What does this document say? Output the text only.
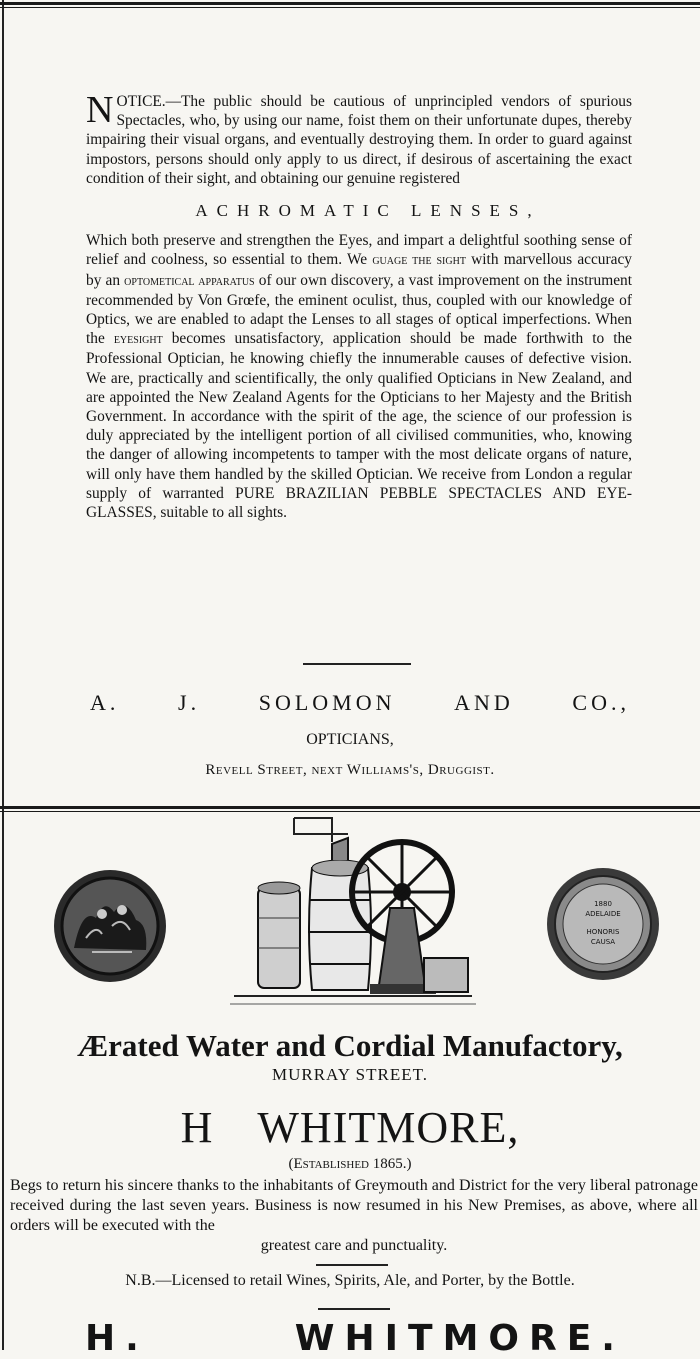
NOTICE.—The public should be cautious of unprincipled vendors of spurious Spectacles, who, by using our name, foist them on their unfortunate dupes, thereby impairing their visual organs, and eventually destroying them. In order to guard against impostors, persons should only apply to us direct, if desirous of ascertaining the exact condition of their sight, and obtaining our genuine registered

ACHROMATIC LENSES,

Which both preserve and strengthen the Eyes, and impart a delightful soothing sense of relief and coolness, so essential to them. We guage the sight with marvellous accuracy by an optometical apparatus of our own discovery, a vast improvement on the instrument recommended by Von Grœfe, the eminent oculist, thus, coupled with our knowledge of Optics, we are enabled to adapt the Lenses to all stages of optical imperfections. When the eyesight becomes unsatisfactory, application should be made forthwith to the Professional Optician, he knowing chiefly the innumerable causes of defective vision. We are, practically and scientifically, the only qualified Opticians in New Zealand, and are appointed the New Zealand Agents for the Opticians to her Majesty and the British Government. In accordance with the spirit of the age, the science of our profession is duly appreciated by the intelligent portion of all civilised communities, who, knowing the danger of allowing incompetents to tamper with the most delicate organs of nature, will only have them handled by the skilled Optician. We receive from London a regular supply of warranted PURE BRAZILIAN PEBBLE SPECTACLES AND EYE-GLASSES, suitable to all sights.

A.	J.	SOLOMON	AND	CO.,
OPTICIANS,
Revell Street, next Williams's, Druggist.
1880
ADELAIDE
HONORIS
CAUSA
Ærated Water and Cordial Manufactory,
MURRAY STREET.
H WHITMORE,
(Established 1865.)
Begs to return his sincere thanks to the inhabitants of Greymouth and District for the very liberal patronage received during the last seven years. Business is now resumed in his New Premises, as above, where all orders will be executed with the
greatest care and punctuality.
N.B.—Licensed to retail Wines, Spirits, Ale, and Porter, by the Bottle.
H.	WHITMORE.
